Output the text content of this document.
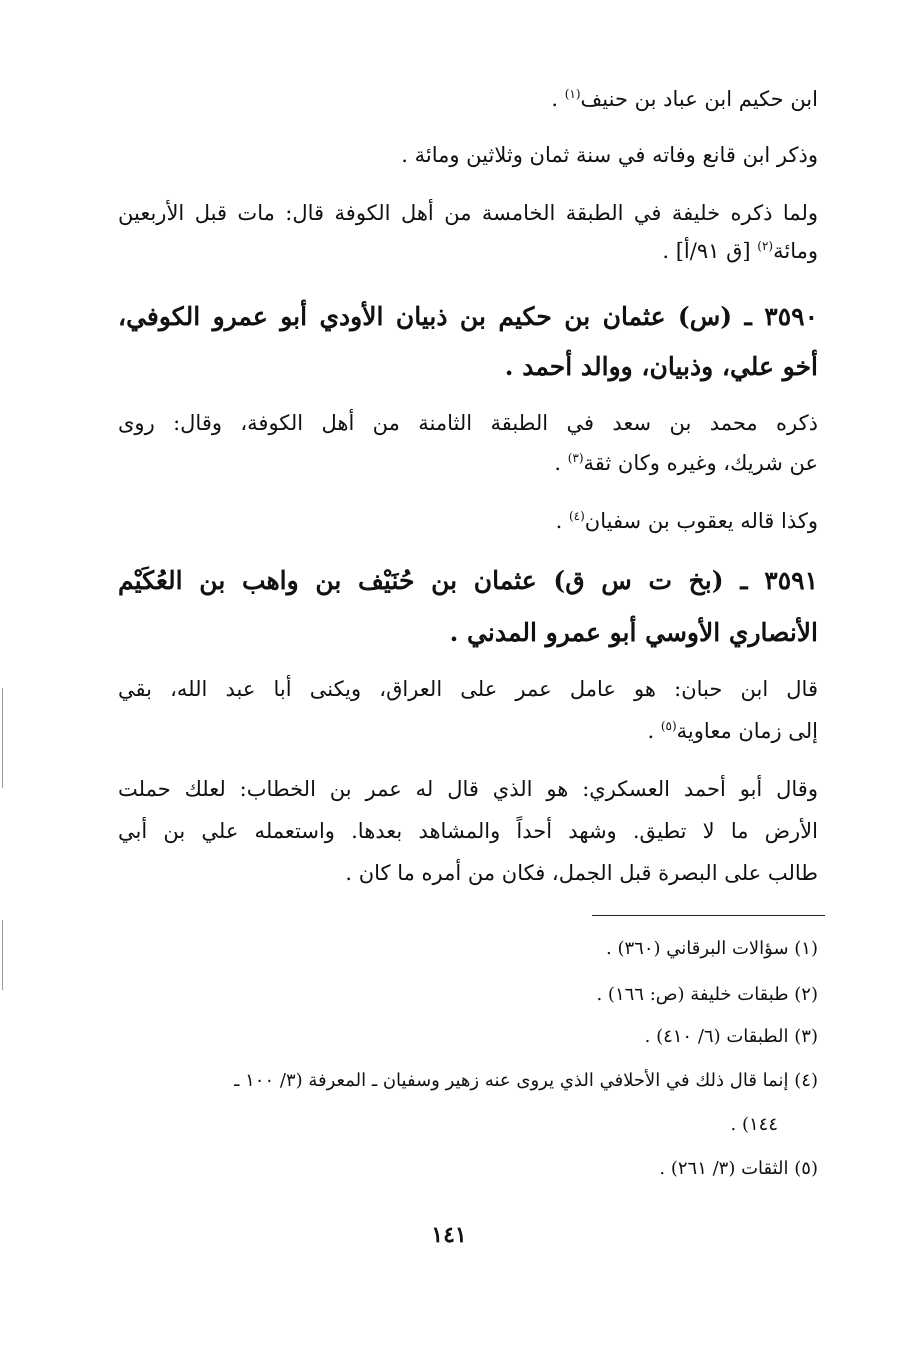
ابن حكيم ابن عباد بن حنيف$^{(١)}$ .
وذكر ابن قانع وفاته في سنة ثمان وثلاثين ومائة .
ولما ذكره خليفة في الطبقة الخامسة من أهل الكوفة قال: مات قبل الأربعين
ومائة$^{(٢)}$ [ق ٩١/أ] .
٣٥٩٠ ـ (س) عثمان بن حكيم بن ذبيان الأودي أبو عمرو الكوفي،
أخو علي، وذبيان، ووالد أحمد .
ذكره محمد بن سعد في الطبقة الثامنة من أهل الكوفة، وقال: روى
عن شريك، وغيره وكان ثقة$^{(٣)}$ .
وكذا قاله يعقوب بن سفيان$^{(٤)}$ .
٣٥٩١ ـ (بخ ت س ق) عثمان بن حُنَيْف بن واهب بن العُكَيْم
الأنصاري الأوسي أبو عمرو المدني .
قال ابن حبان: هو عامل عمر على العراق، ويكنى أبا عبد الله، بقي
إلى زمان معاوية$^{(٥)}$ .
وقال أبو أحمد العسكري: هو الذي قال له عمر بن الخطاب: لعلك حملت
الأرض ما لا تطيق. وشهد أحداً والمشاهد بعدها. واستعمله علي بن أبي
طالب على البصرة قبل الجمل، فكان من أمره ما كان .
(١) سؤالات البرقاني (٣٦٠) .
(٢) طبقات خليفة (ص: ١٦٦) .
(٣) الطبقات (٦/ ٤١٠) .
(٤) إنما قال ذلك في الأحلافي الذي يروى عنه زهير وسفيان ـ المعرفة (٣/ ١٠٠ ـ
١٤٤) .
(٥) الثقات (٣/ ٢٦١) .
١٤١
